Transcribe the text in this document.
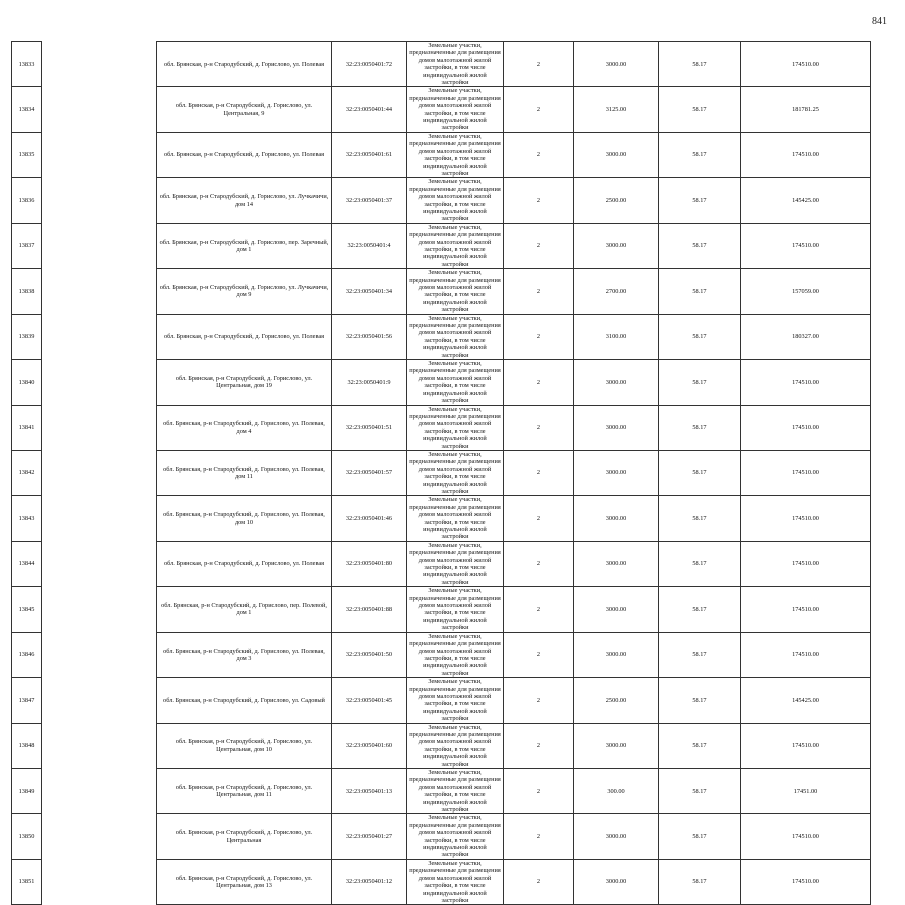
841
13833		обл. Брянская, р-н Стародубский, д. Горислово, ул. Полевая	32:23:0050401:72	Земельные участки, предназначенные для размещения домов малоэтажной жилой застройки, в том числе индивидуальной жилой застройки	2	3000.00	58.17	174510.00
13834		обл. Брянская, р-н Стародубский, д. Горислово, ул. Центральная, 9	32:23:0050401:44	Земельные участки, предназначенные для размещения домов малоэтажной жилой застройки, в том числе индивидуальной жилой застройки	2	3125.00	58.17	181781.25
13835		обл. Брянская, р-н Стародубский, д. Горислово, ул. Полевая	32:23:0050401:61	Земельные участки, предназначенные для размещения домов малоэтажной жилой застройки, в том числе индивидуальной жилой застройки	2	3000.00	58.17	174510.00
13836		обл. Брянская, р-н Стародубский, д. Горислово, ул. Лучкачичи, дом 14	32:23:0050401:37	Земельные участки, предназначенные для размещения домов малоэтажной жилой застройки, в том числе индивидуальной жилой застройки	2	2500.00	58.17	145425.00
13837		обл. Брянская, р-н Стародубский, д. Горислово, пер. Заречный, дом 1	32:23:0050401:4	Земельные участки, предназначенные для размещения домов малоэтажной жилой застройки, в том числе индивидуальной жилой застройки	2	3000.00	58.17	174510.00
13838		обл. Брянская, р-н Стародубский, д. Горислово, ул. Лучкачичи, дом 9	32:23:0050401:34	Земельные участки, предназначенные для размещения домов малоэтажной жилой застройки, в том числе индивидуальной жилой застройки	2	2700.00	58.17	157059.00
13839		обл. Брянская, р-н Стародубский, д. Горислово, ул. Полевая	32:23:0050401:56	Земельные участки, предназначенные для размещения домов малоэтажной жилой застройки, в том числе индивидуальной жилой застройки	2	3100.00	58.17	180327.00
13840		обл. Брянская, р-н Стародубский, д. Горислово, ул. Центральная, дом 19	32:23:0050401:9	Земельные участки, предназначенные для размещения домов малоэтажной жилой застройки, в том числе индивидуальной жилой застройки	2	3000.00	58.17	174510.00
13841		обл. Брянская, р-н Стародубский, д. Горислово, ул. Полевая, дом 4	32:23:0050401:51	Земельные участки, предназначенные для размещения домов малоэтажной жилой застройки, в том числе индивидуальной жилой застройки	2	3000.00	58.17	174510.00
13842		обл. Брянская, р-н Стародубский, д. Горислово, ул. Полевая, дом 11	32:23:0050401:57	Земельные участки, предназначенные для размещения домов малоэтажной жилой застройки, в том числе индивидуальной жилой застройки	2	3000.00	58.17	174510.00
13843		обл. Брянская, р-н Стародубский, д. Горислово, ул. Полевая, дом 10	32:23:0050401:46	Земельные участки, предназначенные для размещения домов малоэтажной жилой застройки, в том числе индивидуальной жилой застройки	2	3000.00	58.17	174510.00
13844		обл. Брянская, р-н Стародубский, д. Горислово, ул. Полевая	32:23:0050401:80	Земельные участки, предназначенные для размещения домов малоэтажной жилой застройки, в том числе индивидуальной жилой застройки	2	3000.00	58.17	174510.00
13845		обл. Брянская, р-н Стародубский, д. Горислово, пер. Полевой, дом 1	32:23:0050401:88	Земельные участки, предназначенные для размещения домов малоэтажной жилой застройки, в том числе индивидуальной жилой застройки	2	3000.00	58.17	174510.00
13846		обл. Брянская, р-н Стародубский, д. Горислово, ул. Полевая, дом 3	32:23:0050401:50	Земельные участки, предназначенные для размещения домов малоэтажной жилой застройки, в том числе индивидуальной жилой застройки	2	3000.00	58.17	174510.00
13847		обл. Брянская, р-н Стародубский, д. Горислово, ул. Садовый	32:23:0050401:45	Земельные участки, предназначенные для размещения домов малоэтажной жилой застройки, в том числе индивидуальной жилой застройки	2	2500.00	58.17	145425.00
13848		обл. Брянская, р-н Стародубский, д. Горислово, ул. Центральная, дом 10	32:23:0050401:60	Земельные участки, предназначенные для размещения домов малоэтажной жилой застройки, в том числе индивидуальной жилой застройки	2	3000.00	58.17	174510.00
13849		обл. Брянская, р-н Стародубский, д. Горислово, ул. Центральная, дом 11	32:23:0050401:13	Земельные участки, предназначенные для размещения домов малоэтажной жилой застройки, в том числе индивидуальной жилой застройки	2	300.00	58.17	17451.00
13850		обл. Брянская, р-н Стародубский, д. Горислово, ул. Центральная	32:23:0050401:27	Земельные участки, предназначенные для размещения домов малоэтажной жилой застройки, в том числе индивидуальной жилой застройки	2	3000.00	58.17	174510.00
13851		обл. Брянская, р-н Стародубский, д. Горислово, ул. Центральная, дом 13	32:23:0050401:12	Земельные участки, предназначенные для размещения домов малоэтажной жилой застройки, в том числе индивидуальной жилой застройки	2	3000.00	58.17	174510.00
